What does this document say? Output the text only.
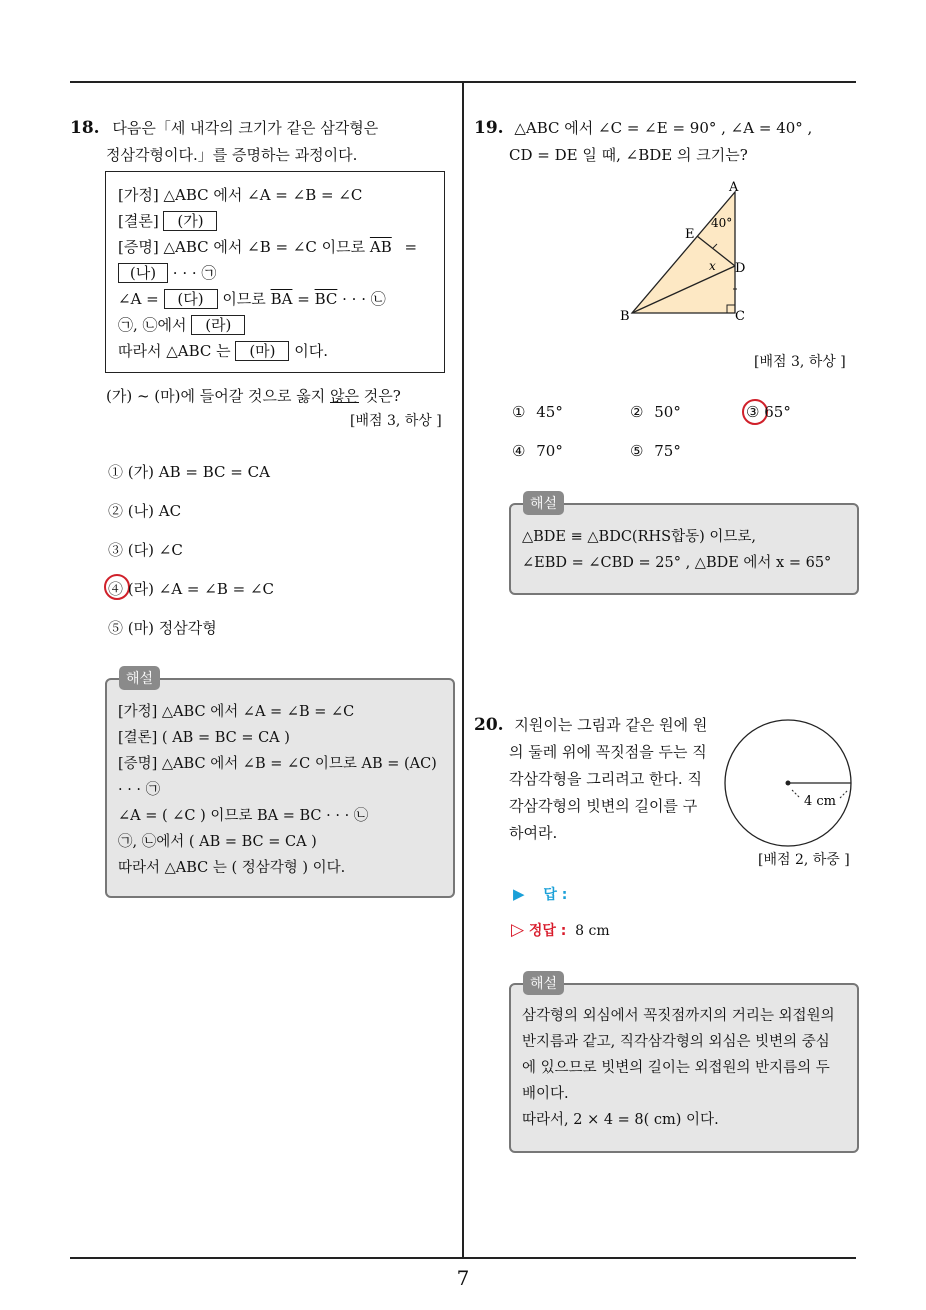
7
18. 다음은「세 내각의 크기가 같은 삼각형은
정삼각형이다.」를 증명하는 과정이다.
[가정] △ABC 에서 ∠A = ∠B = ∠C
[결론] (가)
[증명] △ABC 에서 ∠B = ∠C 이므로 $\overline{AB}$ =
(나) · · · ㉠
∠A = (다) 이므로 $\overline{BA} = \overline{BC}$ · · · ㉡
㉠, ㉡에서 (라)
따라서 △ABC 는 (마) 이다.
(가) ~ (마)에 들어갈 것으로 옳지 않은 것은?
[배점 3, 하상 ]
① (가) AB = BC = CA
② (나) AC
③ (다) ∠C
④ (라) ∠A = ∠B = ∠C
⑤ (마) 정삼각형
해설
[가정] △ABC 에서 ∠A = ∠B = ∠C
[결론] ( AB = BC = CA )
[증명] △ABC 에서 ∠B = ∠C 이므로 AB = (AC)
· · · ㉠
∠A = ( ∠C ) 이므로 BA = BC · · · ㉡
㉠, ㉡에서 ( AB = BC = CA )
따라서 △ABC 는 ( 정삼각형 ) 이다.
19. △ABC 에서 ∠C = ∠E = 90° , ∠A = 40° ,
CD = DE 일 때, ∠BDE 의 크기는?
A
E
D
B	C
40°
x
[배점 3, 하상 ]
① 45°	② 50°	③ 65°
④ 70°	⑤ 75°
해설
△BDE ≡ △BDC(RHS합동) 이므로,
∠EBD = ∠CBD = 25° , △BDE 에서 x = 65°
20. 지원이는 그림과 같은 원에 원
의 둘레 위에 꼭짓점을 두는 직
각삼각형을 그리려고 한다. 직
각삼각형의 빗변의 길이를 구
하여라.
4 cm
[배점 2, 하중 ]
▶ 답 :
▷ 정답 : 8 cm
해설
삼각형의 외심에서 꼭짓점까지의 거리는 외접원의
반지름과 같고, 직각삼각형의 외심은 빗변의 중심
에 있으므로 빗변의 길이는 외접원의 반지름의 두
배이다.
따라서, 2 × 4 = 8( cm) 이다.
